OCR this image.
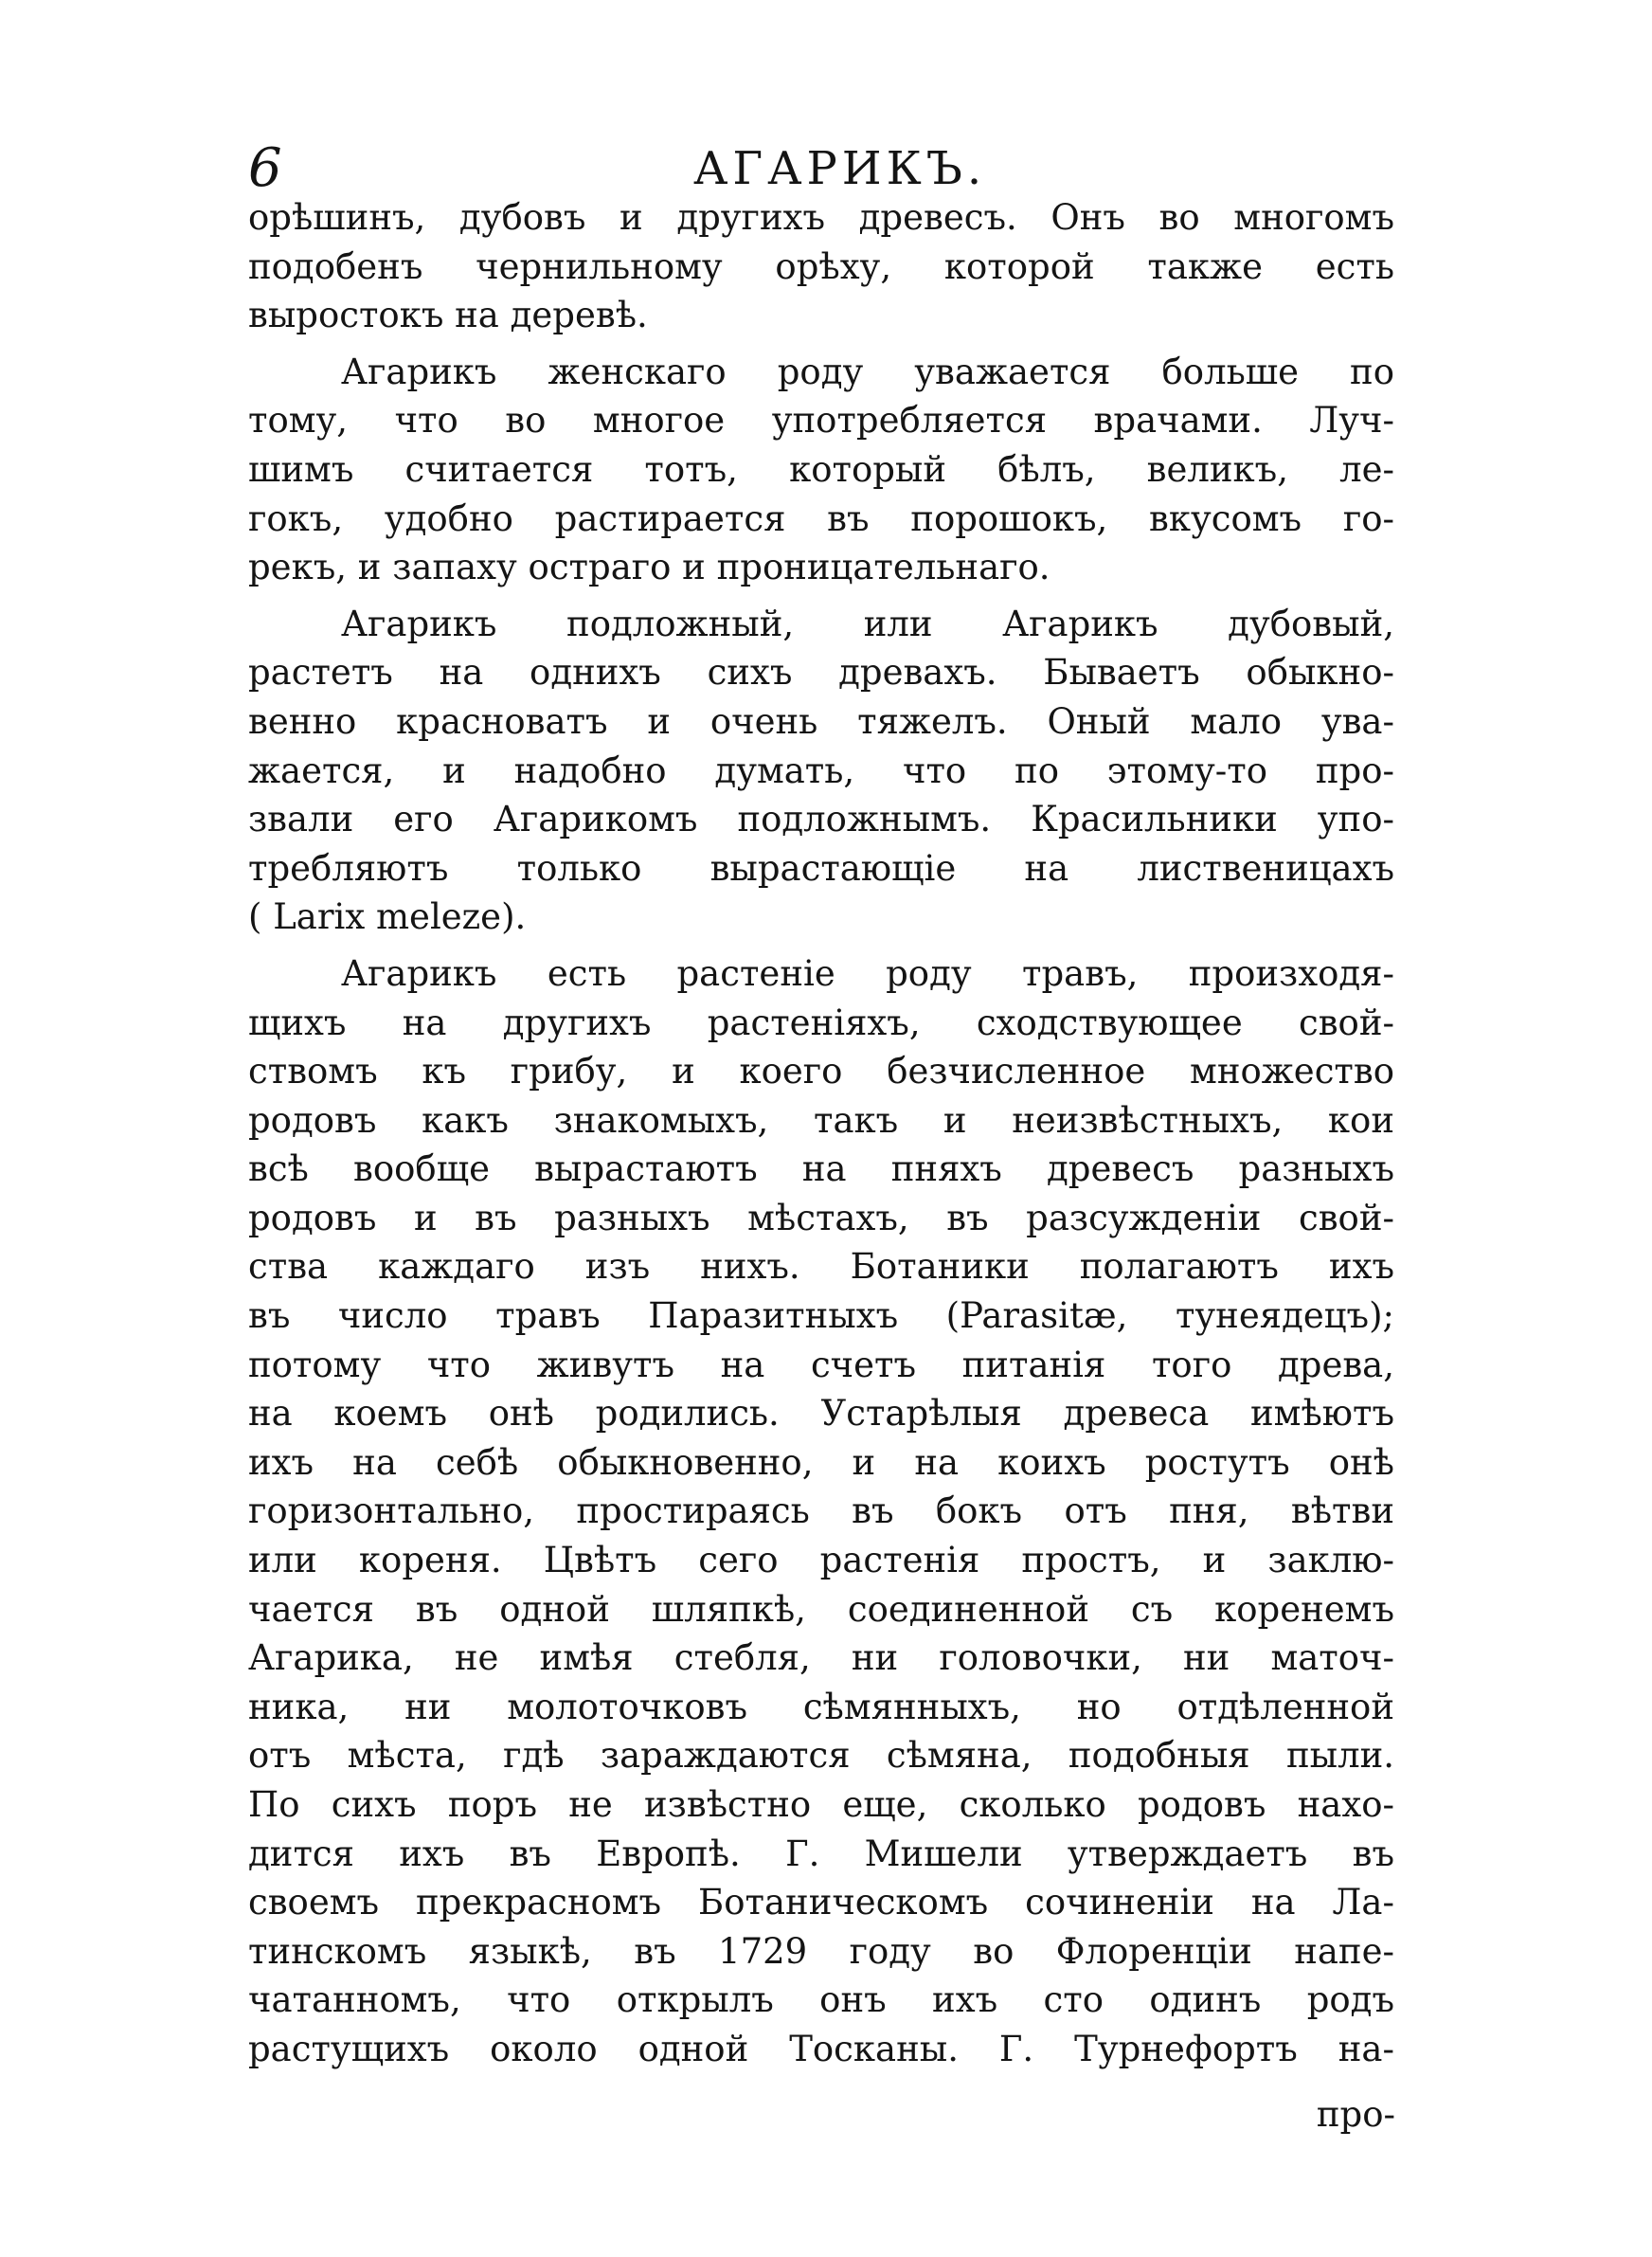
6	АГАРИКЪ.
орѣшинъ, дубовъ и другихъ древесъ. Онъ во многомъ
подобенъ чернильному орѣху, которой также есть
выростокъ на деревѣ.
Агарикъ женскаго роду уважается больше по
тому, что во многое употребляется врачами. Луч-
шимъ считается тотъ, который бѣлъ, великъ, ле-
гокъ, удобно растирается въ порошокъ, вкусомъ го-
рекъ, и запаху остраго и проницательнаго.
Агарикъ подложный, или Агарикъ дубовый,
растетъ на однихъ сихъ древахъ. Бываетъ обыкно-
венно красноватъ и очень тяжелъ. Оный мало ува-
жается, и надобно думать, что по этому-то про-
звали его Агарикомъ подложнымъ. Красильники упо-
требляютъ только вырастающіе на лиственицахъ
( Larix meleze).
Агарикъ есть растеніе роду травъ, произходя-
щихъ на другихъ растеніяхъ, сходствующее свой-
ствомъ къ грибу, и коего безчисленное множество
родовъ какъ знакомыхъ, такъ и неизвѣстныхъ, кои
всѣ вообще вырастаютъ на пняхъ древесъ разныхъ
родовъ и въ разныхъ мѣстахъ, въ разсужденіи свой-
ства каждаго изъ нихъ. Ботаники полагаютъ ихъ
въ число травъ Паразитныхъ (Parasitæ, тунеядецъ);
потому что живутъ на счетъ питанія того древа,
на коемъ онѣ родились. Устарѣлыя древеса имѣютъ
ихъ на себѣ обыкновенно, и на коихъ ростутъ онѣ
горизонтально, простираясь въ бокъ отъ пня, вѣтви
или кореня. Цвѣтъ сего растенія простъ, и заклю-
чается въ одной шляпкѣ, соединенной съ коренемъ
Агарика, не имѣя стебля, ни головочки, ни маточ-
ника, ни молоточковъ сѣмянныхъ, но отдѣленной
отъ мѣста, гдѣ зараждаются сѣмяна, подобныя пыли.
По сихъ поръ не извѣстно еще, сколько родовъ нахо-
дится ихъ въ Европѣ. Г. Мишели утверждаетъ въ
своемъ прекрасномъ Ботаническомъ сочиненіи на Ла-
тинскомъ языкѣ, въ 1729 году во Флоренціи напе-
чатанномъ, что открылъ онъ ихъ сто одинъ родъ
растущихъ около одной Тосканы. Г. Турнефортъ на-
про-
